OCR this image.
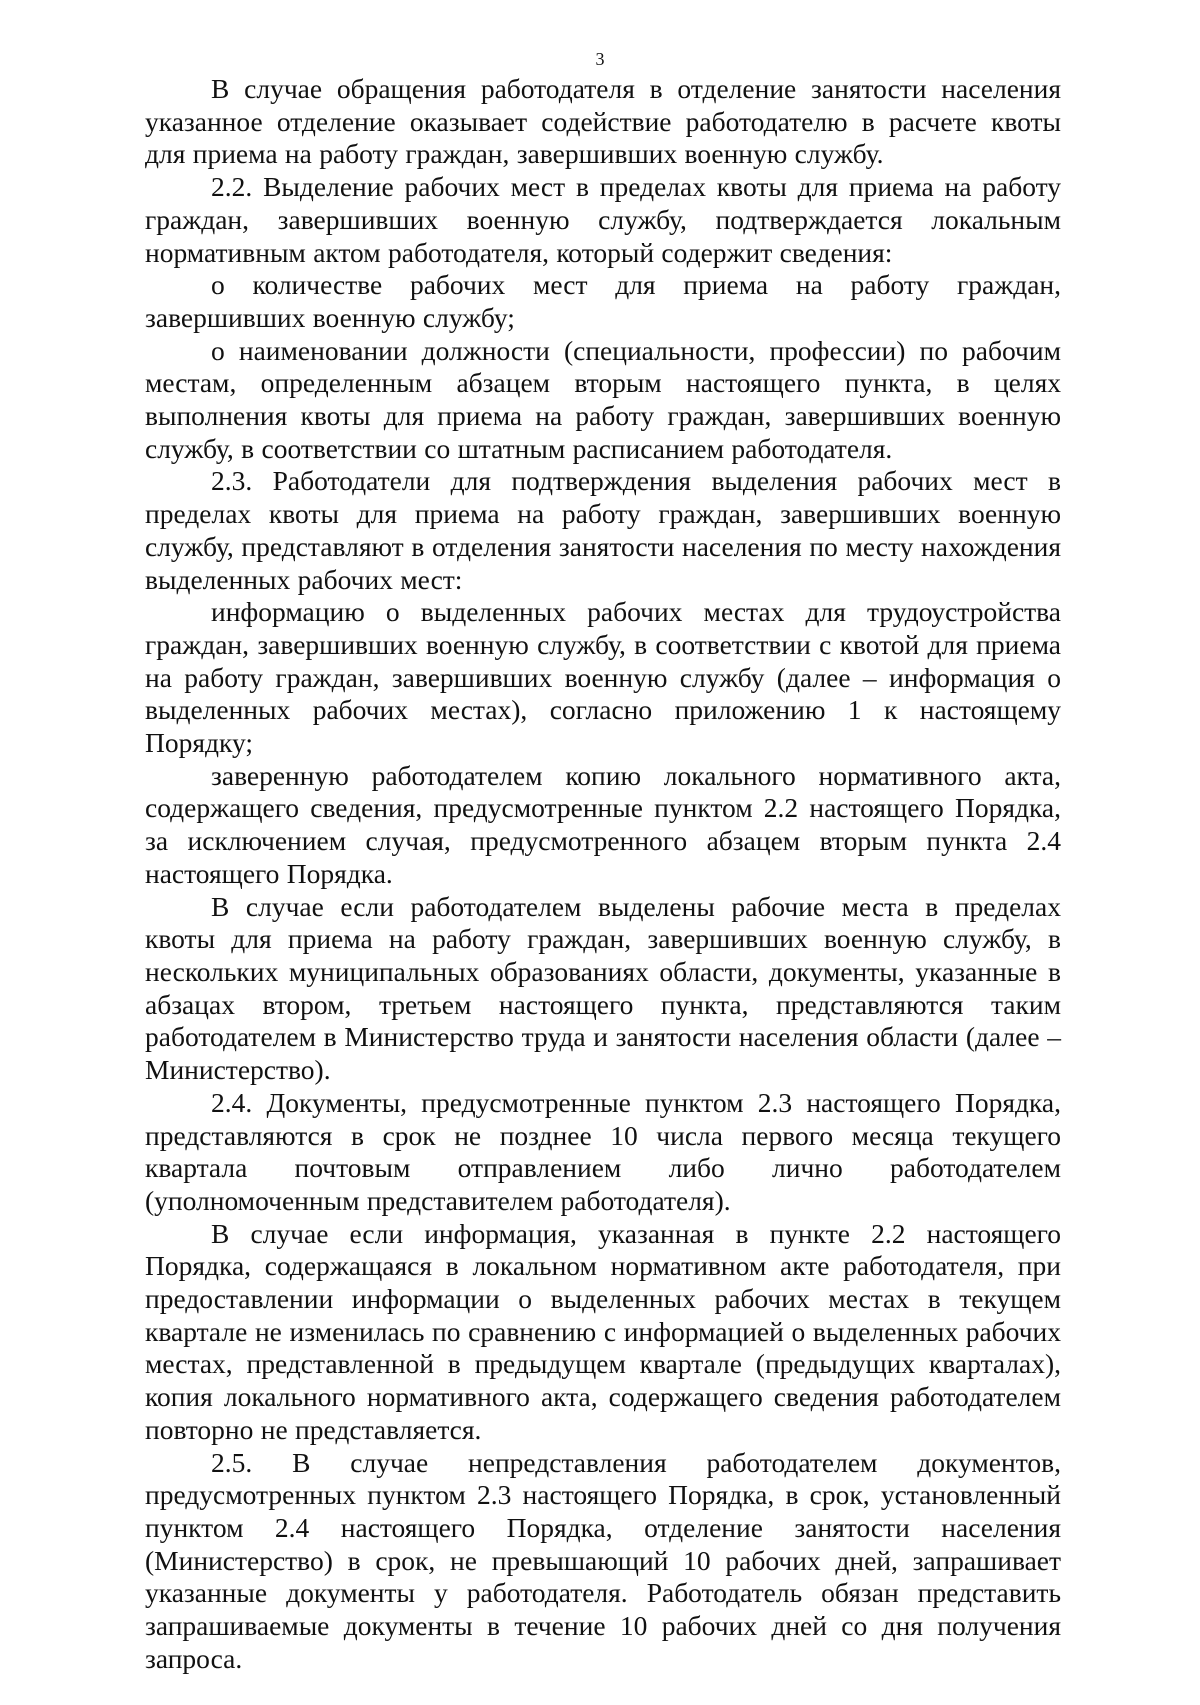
3

В случае обращения работодателя в отделение занятости населения указанное отделение оказывает содействие работодателю в расчете квоты для приема на работу граждан, завершивших военную службу.

2.2. Выделение рабочих мест в пределах квоты для приема на работу граждан, завершивших военную службу, подтверждается локальным нормативным актом работодателя, который содержит сведения:

о количестве рабочих мест для приема на работу граждан, завершивших военную службу;

о наименовании должности (специальности, профессии) по рабочим местам, определенным абзацем вторым настоящего пункта, в целях выполнения квоты для приема на работу граждан, завершивших военную службу, в соответствии со штатным расписанием работодателя.

2.3. Работодатели для подтверждения выделения рабочих мест в пределах квоты для приема на работу граждан, завершивших военную службу, представляют в отделения занятости населения по месту нахождения выделенных рабочих мест:

информацию о выделенных рабочих местах для трудоустройства граждан, завершивших военную службу, в соответствии с квотой для приема на работу граждан, завершивших военную службу (далее – информация о выделенных рабочих местах), согласно приложению 1 к настоящему Порядку;

заверенную работодателем копию локального нормативного акта, содержащего сведения, предусмотренные пунктом 2.2 настоящего Порядка, за исключением случая, предусмотренного абзацем вторым пункта 2.4 настоящего Порядка.

В случае если работодателем выделены рабочие места в пределах квоты для приема на работу граждан, завершивших военную службу, в нескольких муниципальных образованиях области, документы, указанные в абзацах втором, третьем настоящего пункта, представляются таким работодателем в Министерство труда и занятости населения области (далее – Министерство).

2.4. Документы, предусмотренные пунктом 2.3 настоящего Порядка, представляются в срок не позднее 10 числа первого месяца текущего квартала почтовым отправлением либо лично работодателем (уполномоченным представителем работодателя).

В случае если информация, указанная в пункте 2.2 настоящего Порядка, содержащаяся в локальном нормативном акте работодателя, при предоставлении информации о выделенных рабочих местах в текущем квартале не изменилась по сравнению с информацией о выделенных рабочих местах, представленной в предыдущем квартале (предыдущих кварталах), копия локального нормативного акта, содержащего сведения работодателем повторно не представляется.

2.5. В случае непредставления работодателем документов, предусмотренных пунктом 2.3 настоящего Порядка, в срок, установленный пунктом 2.4 настоящего Порядка, отделение занятости населения (Министерство) в срок, не превышающий 10 рабочих дней, запрашивает указанные документы у работодателя. Работодатель обязан представить запрашиваемые документы в течение 10 рабочих дней со дня получения запроса.
